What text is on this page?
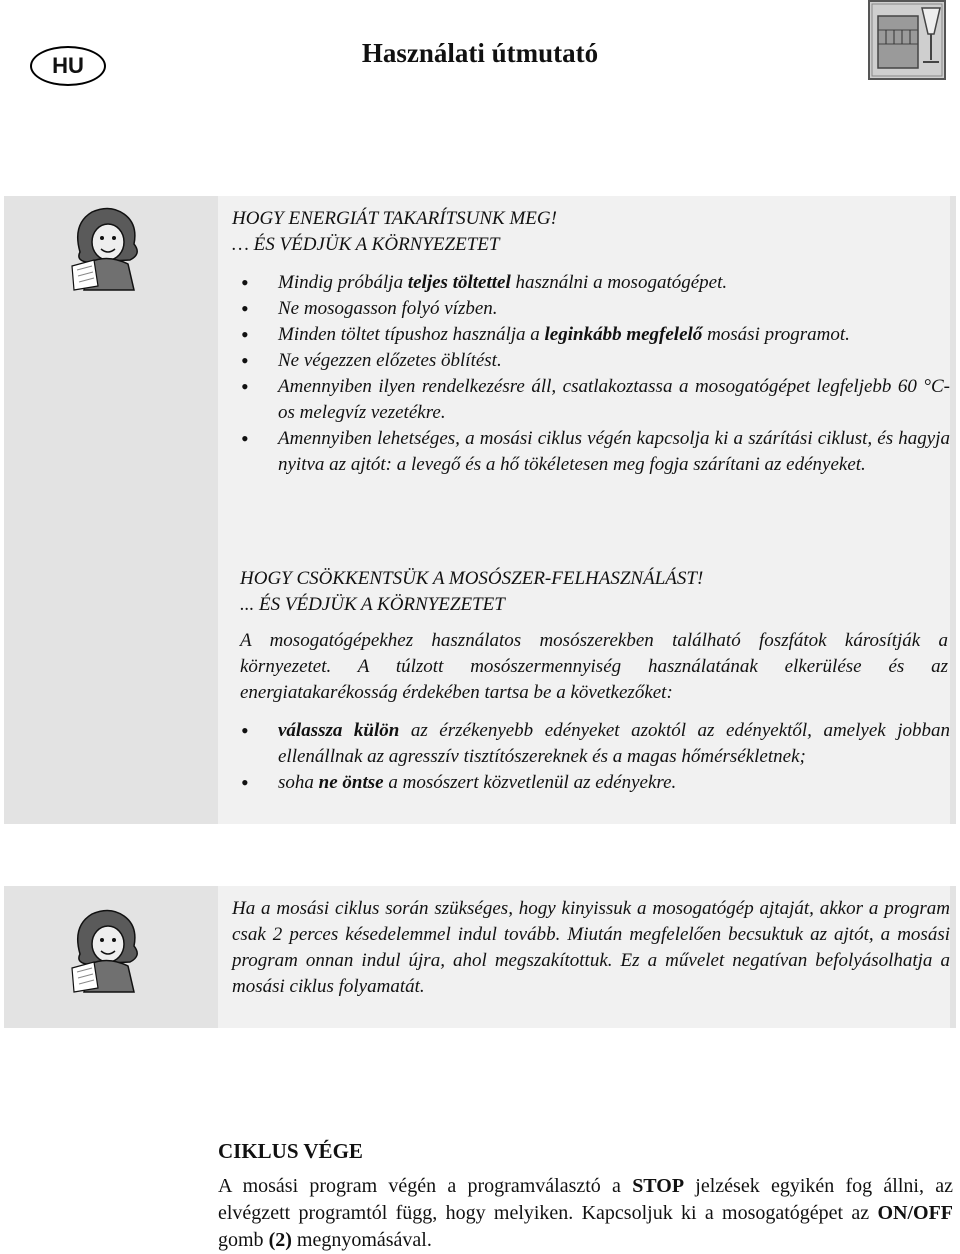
HU	Használati útmutató

HOGY ENERGIÁT TAKARÍTSUNK MEG!

… ÉS VÉDJÜK A KÖRNYEZETET

• Mindig próbálja teljes töltettel használni a mosogatógépet.
• Ne mosogasson folyó vízben.
• Minden töltet típushoz használja a leginkább megfelelő mosási programot.
• Ne végezzen előzetes öblítést.
• Amennyiben ilyen rendelkezésre áll, csatlakoztassa a mosogatógépet legfeljebb 60 °C-os melegvíz vezetékre.
• Amennyiben lehetséges, a mosási ciklus végén kapcsolja ki a szárítási ciklust, és hagyja nyitva az ajtót: a levegő és a hő tökéletesen meg fogja szárítani az edényeket.

HOGY CSÖKKENTSÜK A MOSÓSZER-FELHASZNÁLÁST!

... ÉS VÉDJÜK A KÖRNYEZETET

A mosogatógépekhez használatos mosószerekben található foszfátok károsítják a környezetet. A túlzott mosószermennyiség használatának elkerülése és az energiatakarékosság érdekében tartsa be a következőket:

• válassza külön az érzékenyebb edényeket azoktól az edényektől, amelyek jobban ellenállnak az agresszív tisztítószereknek és a magas hőmérsékletnek;
• soha ne öntse a mosószert közvetlenül az edényekre.

Ha a mosási ciklus során szükséges, hogy kinyissuk a mosogatógép ajtaját, akkor a program csak 2 perces késedelemmel indul tovább. Miután megfelelően becsuktuk az ajtót, a mosási program onnan indul újra, ahol megszakítottuk. Ez a művelet negatívan befolyásolhatja a mosási ciklus folyamatát.

CIKLUS VÉGE

A mosási program végén a programválasztó a STOP jelzések egyikén fog állni, az elvégzett programtól függ, hogy melyiken. Kapcsoljuk ki a mosogatógépet az ON/OFF gomb (2) megnyomásával.
